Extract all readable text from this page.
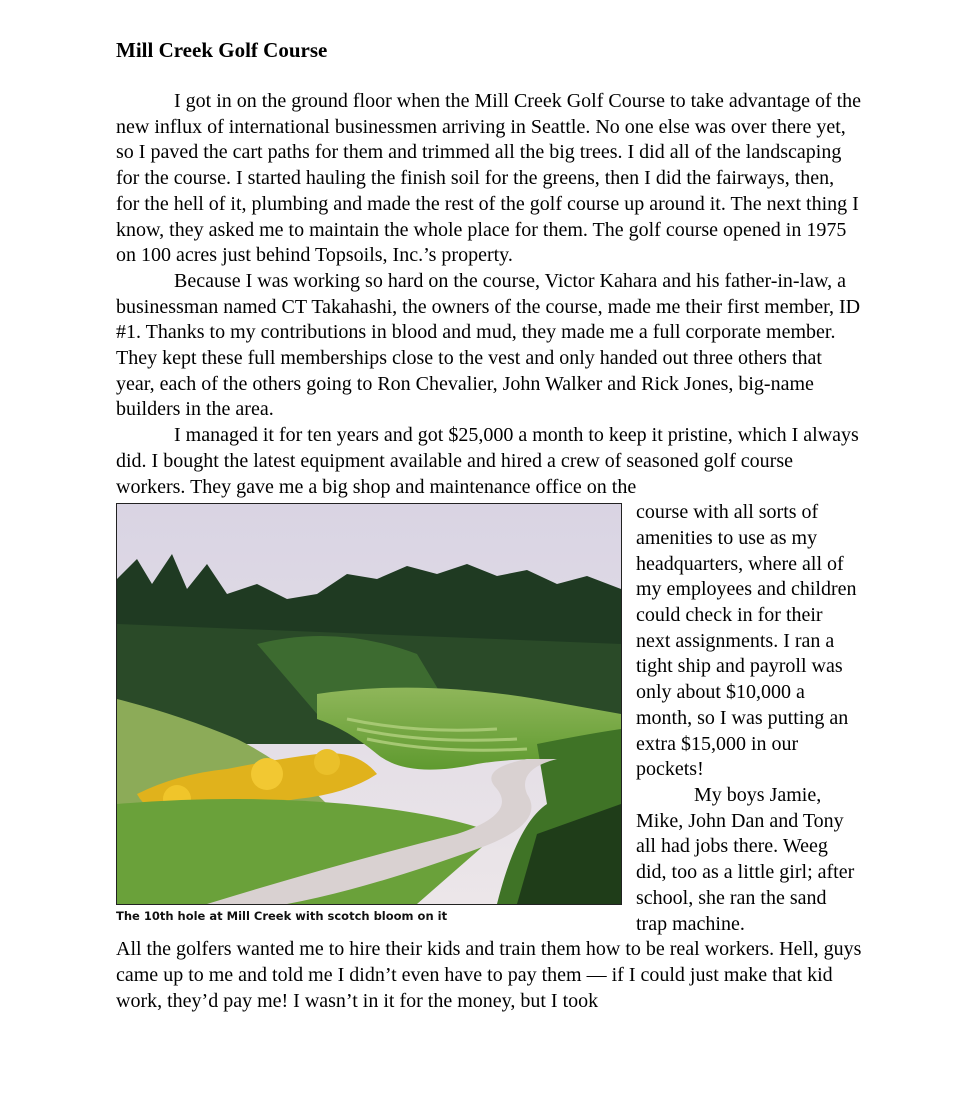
Mill Creek Golf Course

I got in on the ground floor when the Mill Creek Golf Course to take advantage of the new influx of international businessmen arriving in Seattle. No one else was over there yet, so I paved the cart paths for them and trimmed all the big trees. I did all of the landscaping for the course. I started hauling the finish soil for the greens, then I did the fairways, then, for the hell of it, plumbing and made the rest of the golf course up around it. The next thing I know, they asked me to maintain the whole place for them. The golf course opened in 1975 on 100 acres just behind Topsoils, Inc.’s property.

Because I was working so hard on the course, Victor Kahara and his father-in-law, a businessman named CT Takahashi, the owners of the course, made me their first member, ID #1. Thanks to my contributions in blood and mud, they made me a full corporate member. They kept these full memberships close to the vest and only handed out three others that year, each of the others going to Ron Chevalier, John Walker and Rick Jones, big-name builders in the area.

I managed it for ten years and got $25,000 a month to keep it pristine, which I always did. I bought the latest equipment available and hired a crew of seasoned golf course workers. They gave me a big shop and maintenance office on the

The 10th hole at Mill Creek with scotch bloom on it

course with all sorts of amenities to use as my headquarters, where all of my employees and children could check in for their next assignments. I ran a tight ship and payroll was only about $10,000 a month, so I was putting an extra $15,000 in our pockets!

My boys Jamie, Mike, John Dan and Tony all had jobs there. Weeg did, too as a little girl; after school, she ran the sand trap machine.

All the golfers wanted me to hire their kids and train them how to be real workers. Hell, guys came up to me and told me I didn’t even have to pay them — if I could just make that kid work, they’d pay me! I wasn’t in it for the money, but I took
